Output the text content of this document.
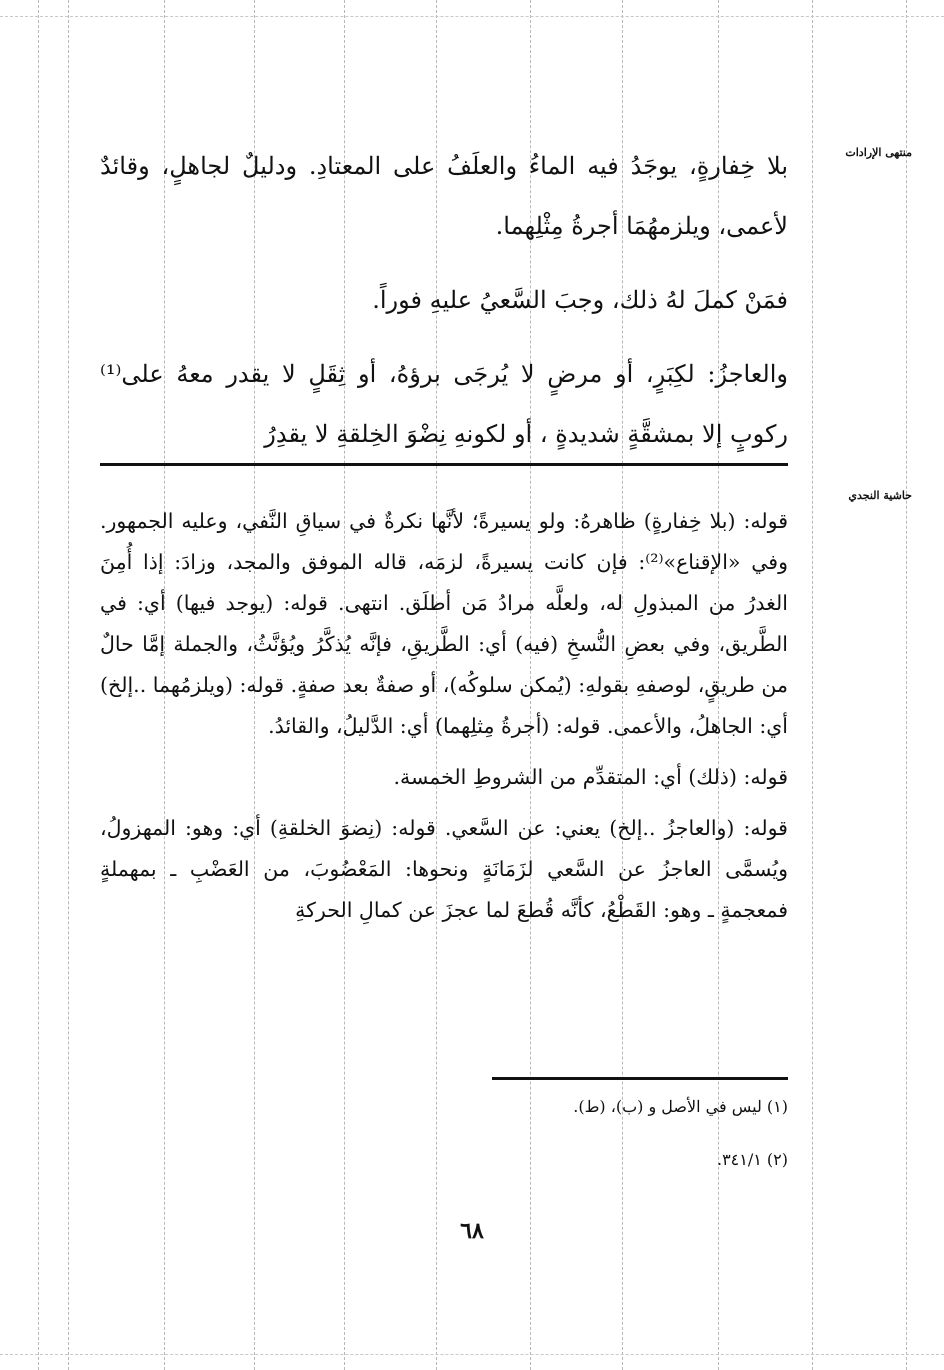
منتهى الإرادات
حاشية النجدي

بلا خِفارةٍ، يوجَدُ فيه الماءُ والعلَفُ على المعتادِ. ودليلٌ لجاهلٍ، وقائدٌ لأعمى، ويلزمهُمَا أجرةُ مِثْلِهما.

فمَنْ كملَ لهُ ذلك، وجبَ السَّعيُ عليهِ فوراً.

والعاجزُ: لكِبَرٍ، أو مرضٍ لا يُرجَى برؤهُ، أو ثِقَلٍ لا يقدر معهُ على⁽¹⁾ ركوبٍ إلا بمشقَّةٍ شديدةٍ ، أو لكونهِ نِضْوَ الخِلقةِ لا يقدِرُ

قوله: (بلا خِفارةٍ) ظاهرهُ: ولو يسيرةً؛ لأنَّها نكرةٌ في سياقِ النَّفي، وعليه الجمهور. وفي «الإقناع»⁽²⁾: فإن كانت يسيرةً، لزمَه، قاله الموفق والمجد، وزادَ: إذا أُمِنَ الغدرُ من المبذولِ له، ولعلَّه مرادُ مَن أطلَق. انتهى. قوله: (يوجد فيها) أي: في الطَّريق، وفي بعضِ النُّسخِ (فيه) أي: الطَّريقِ، فإنَّه يُذكَّرُ ويُؤنَّثُ، والجملة إمَّا حالٌ من طريقٍ، لوصفهِ بقولهِ: (يُمكن سلوكُه)، أو صفةٌ بعد صفةٍ. قوله: (ويلزمُهما ..إلخ) أي: الجاهلُ، والأعمى. قوله: (أجرةُ مِثلِهما) أي: الدَّليلُ، والقائدُ.

قوله: (ذلك) أي: المتقدِّم من الشروطِ الخمسة.

قوله: (والعاجزُ ..إلخ) يعني: عن السَّعي. قوله: (نِضوَ الخلقةِ) أي: وهو: المهزولُ، ويُسمَّى العاجزُ عن السَّعي لزَمَانَةٍ ونحوها: المَعْضُوبَ، من العَضْبِ ـ بمهملةٍ فمعجمةٍ ـ وهو: القَطْعُ، كأنَّه قُطعَ لما عجزَ عن كمالِ الحركةِ

(١) ليس في الأصل و (ب)، (ط).
(٢) ٣٤١/١.
٦٨
